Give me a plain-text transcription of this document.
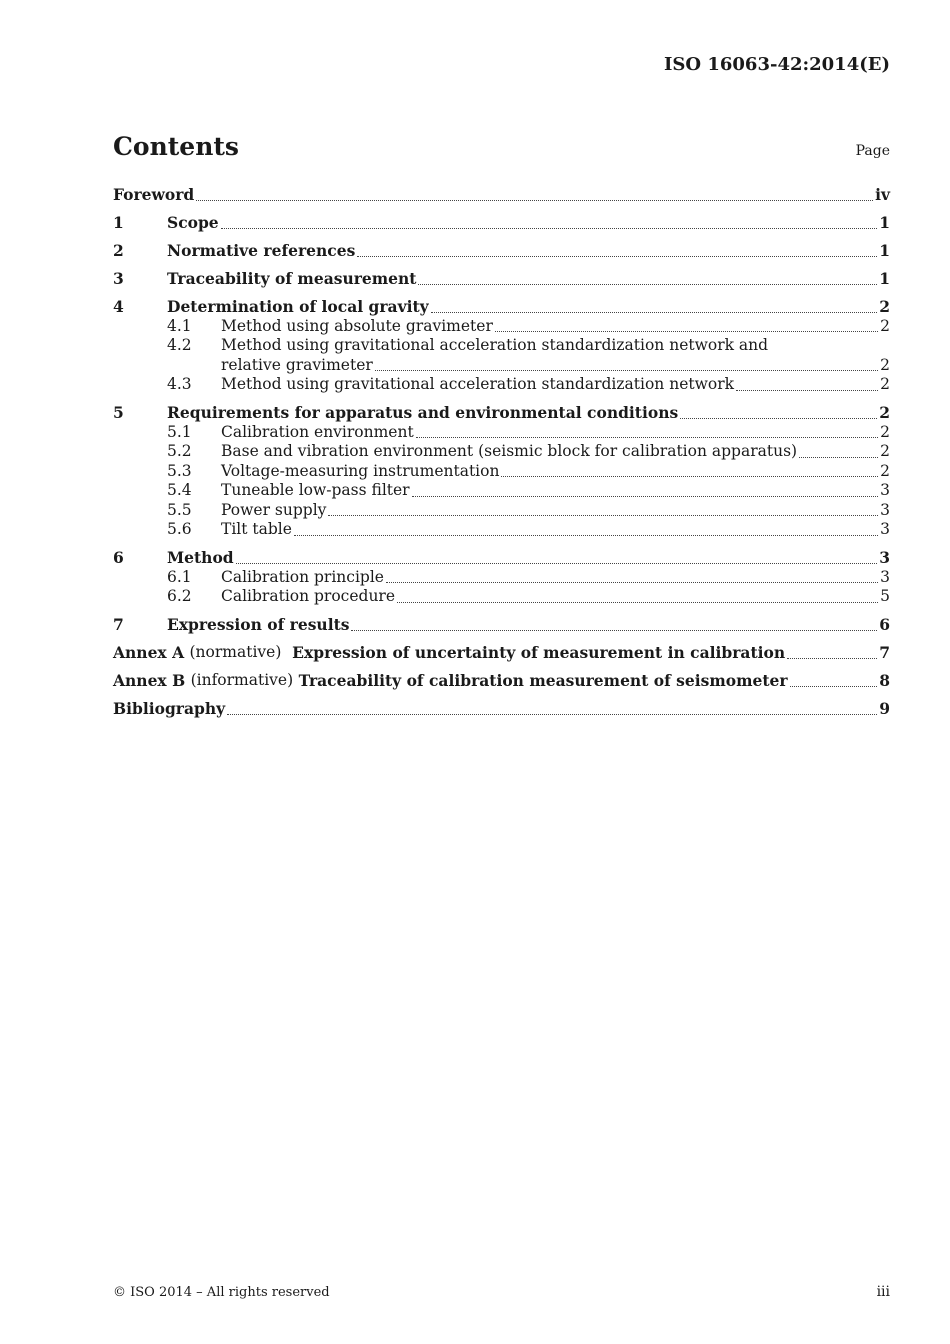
ISO 16063-42:2014(E)
Contents	Page
Foreword	iv
1	Scope	1
2	Normative references	1
3	Traceability of measurement	1
4	Determination of local gravity	2
4.1	Method using absolute gravimeter	2
4.2	Method using gravitational acceleration standardization network and
relative gravimeter	2
4.3	Method using gravitational acceleration standardization network	2
5	Requirements for apparatus and environmental conditions	2
5.1	Calibration environment	2
5.2	Base and vibration environment (seismic block for calibration apparatus)	2
5.3	Voltage-measuring instrumentation	2
5.4	Tuneable low-pass filter	3
5.5	Power supply	3
5.6	Tilt table	3
6	Method	3
6.1	Calibration principle	3
6.2	Calibration procedure	5
7	Expression of results	6
Annex A
(normative)
Expression of uncertainty of measurement in calibration	7
Annex B
(informative)
Traceability of calibration measurement of seismometer	8
Bibliography	9
© ISO 2014 – All rights reserved	iii
